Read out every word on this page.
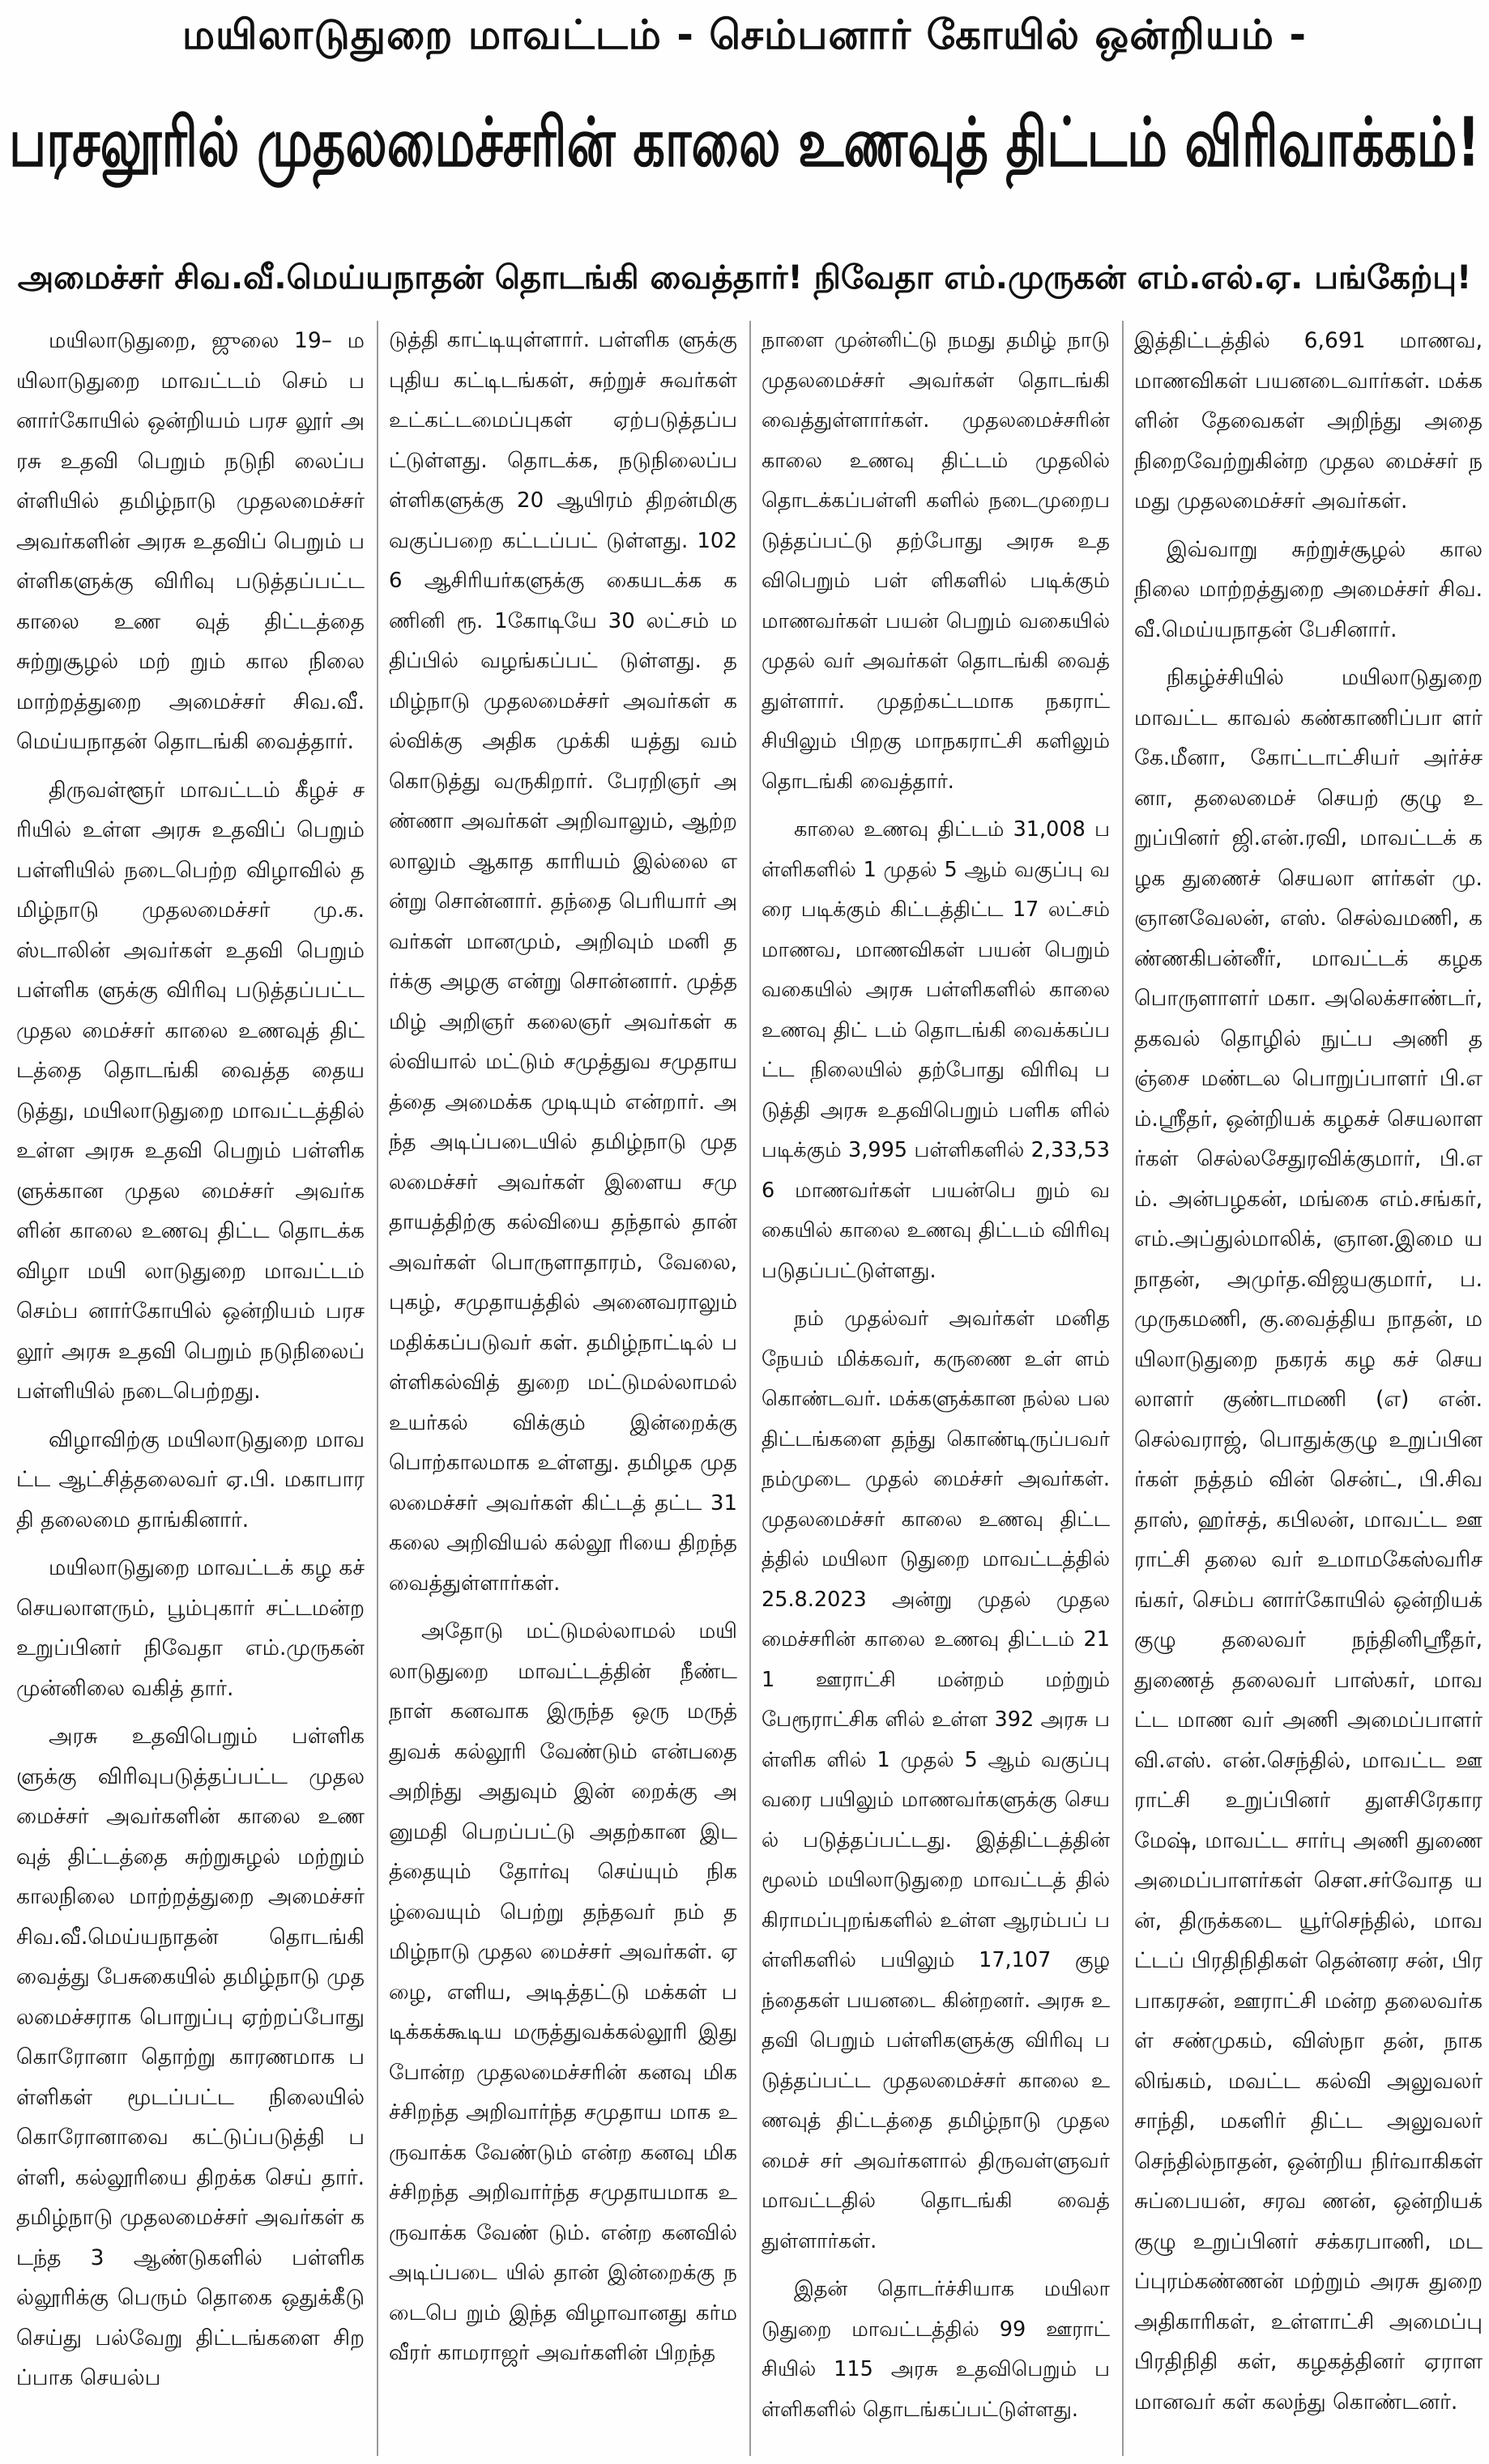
மயிலாடுதுறை மாவட்டம் - செம்பனார் கோயில் ஒன்றியம் -
பரசலூரில் முதலமைச்சரின் காலை உணவுத் திட்டம் விரிவாக்கம்!
அமைச்சர் சிவ.வீ.மெய்யநாதன் தொடங்கி வைத்தார்! நிவேதா எம்.முருகன் எம்.எல்.ஏ. பங்கேற்பு!

மயிலாடுதுறை, ஜுலை 19– மயிலாடுதுறை மாவட்டம் செம் பனார்கோயில் ஒன்றியம் பரச லூர் அரசு உதவி பெறும் நடுநி லைப்பள்ளியில் தமிழ்நாடு முதலமைச்சர் அவர்களின் அரசு உதவிப் பெறும் பள்ளிகளுக்கு விரிவு படுத்தப்பட்ட காலை உண வுத் திட்டத்தை சுற்றுசூழல் மற் றும் கால நிலை மாற்றத்துறை அமைச்சர் சிவ.வீ. மெய்யநாதன் தொடங்கி வைத்தார்.

திருவள்ளூர் மாவட்டம் கீழச் சரியில் உள்ள அரசு உதவிப் பெறும் பள்ளியில் நடைபெற்ற விழாவில் தமிழ்நாடு முதலமைச்சர் மு.க.ஸ்டாலின் அவர்கள் உதவி பெறும் பள்ளிக ளுக்கு விரிவு படுத்தப்பட்ட முதல மைச்சர் காலை உணவுத் திட் டத்தை தொடங்கி வைத்த தையடுத்து, மயிலாடுதுறை மாவட்டத்தில் உள்ள அரசு உதவி பெறும் பள்ளிகளுக்கான முதல மைச்சர் அவர்களின் காலை உணவு திட்ட தொடக்க விழா மயி லாடுதுறை மாவட்டம் செம்ப னார்கோயில் ஒன்றியம் பரசலூர் அரசு உதவி பெறும் நடுநிலைப் பள்ளியில் நடைபெற்றது.

விழாவிற்கு மயிலாடுதுறை மாவட்ட ஆட்சித்தலைவர் ஏ.பி. மகாபாரதி தலைமை தாங்கினார்.

மயிலாடுதுறை மாவட்டக் கழ கச் செயலாளரும், பூம்புகார் சட்டமன்ற உறுப்பினர் நிவேதா எம்.முருகன் முன்னிலை வகித் தார்.

அரசு உதவிபெறும் பள்ளிக ளுக்கு விரிவுபடுத்தப்பட்ட முதல மைச்சர் அவர்களின் காலை உணவுத் திட்டத்தை சுற்றுசுழல் மற்றும் காலநிலை மாற்றத்துறை அமைச்சர் சிவ.வீ.மெய்யநாதன் தொடங்கி வைத்து பேசுகையில் தமிழ்நாடு முதலமைச்சராக பொறுப்பு ஏற்றப்போது கொரோனா தொற்று காரணமாக பள்ளிகள் மூடப்பட்ட நிலையில் கொரோனாவை கட்டுப்படுத்தி பள்ளி, கல்லூரியை திறக்க செய் தார். தமிழ்நாடு முதலமைச்சர் அவர்கள் கடந்த 3 ஆண்டுகளில் பள்ளிகல்லூரிக்கு பெரும் தொகை ஒதுக்கீடு செய்து பல்வேறு திட்டங்களை சிறப்பாக செயல்ப

டுத்தி காட்டியுள்ளார். பள்ளிக ளுக்கு புதிய கட்டிடங்கள், சுற்றுச் சுவர்கள் உட்கட்டமைப்புகள் ஏற்படுத்தப்பட்டுள்ளது. தொடக்க, நடுநிலைப்பள்ளிகளுக்கு 20 ஆயிரம் திறன்மிகு வகுப்பறை கட்டப்பட் டுள்ளது. 1026 ஆசிரியர்களுக்கு கையடக்க கணினி ரூ. 1கோடியே 30 லட்சம் மதிப்பில் வழங்கப்பட் டுள்ளது. தமிழ்நாடு முதலமைச்சர் அவர்கள் கல்விக்கு அதிக முக்கி யத்து வம் கொடுத்து வருகிறார். பேரறிஞர் அண்ணா அவர்கள் அறிவாலும், ஆற்றலாலும் ஆகாத காரியம் இல்லை என்று சொன்னார். தந்தை பெரியார் அவர்கள் மானமும், அறிவும் மனி தர்க்கு அழகு என்று சொன்னார். முத்தமிழ் அறிஞர் கலைஞர் அவர்கள் கல்வியால் மட்டும் சமுத்துவ சமுதாயத்தை அமைக்க முடியும் என்றார். அந்த அடிப்படையில் தமிழ்நாடு முத லமைச்சர் அவர்கள் இளைய சமு தாயத்திற்கு கல்வியை தந்தால் தான் அவர்கள் பொருளாதாரம், வேலை, புகழ், சமுதாயத்தில் அனைவராலும் மதிக்கப்படுவர் கள். தமிழ்நாட்டில் பள்ளிகல்வித் துறை மட்டுமல்லாமல் உயர்கல் விக்கும் இன்றைக்கு பொற்காலமாக உள்ளது. தமிழக முதலமைச்சர் அவர்கள் கிட்டத் தட்ட 31 கலை அறிவியல் கல்லூ ரியை திறந்த வைத்துள்ளார்கள்.

அதோடு மட்டுமல்லாமல் மயி லாடுதுறை மாவட்டத்தின் நீண்ட நாள் கனவாக இருந்த ஒரு மருத் துவக் கல்லூரி வேண்டும் என்பதை அறிந்து அதுவும் இன் றைக்கு அனுமதி பெறப்பட்டு அதற்கான இடத்தையும் தோர்வு செய்யும் நிகழ்வையும் பெற்று தந்தவர் நம் தமிழ்நாடு முதல மைச்சர் அவர்கள். ஏழை, எளிய, அடித்தட்டு மக்கள் படிக்கக்கூடிய மருத்துவக்கல்லூரி இது போன்ற முதலமைச்சரின் கனவு மிகச்சிறந்த அறிவார்ந்த சமுதாய மாக உருவாக்க வேண்டும் என்ற கனவு மிகச்சிறந்த அறிவார்ந்த சமுதாயமாக உருவாக்க வேண் டும். என்ற கனவில் அடிப்படை யில் தான் இன்றைக்கு நடைபெ றும் இந்த விழாவானது கர்மவீரர் காமராஜர் அவர்களின் பிறந்த

நாளை முன்னிட்டு நமது தமிழ் நாடு முதலமைச்சர் அவர்கள் தொடங்கி வைத்துள்ளார்கள். முதலமைச்சரின் காலை உணவு திட்டம் முதலில் தொடக்கப்பள்ளி களில் நடைமுறைபடுத்தப்பட்டு தற்போது அரசு உதவிபெறும் பள் ளிகளில் படிக்கும் மாணவர்கள் பயன் பெறும் வகையில் முதல் வர் அவர்கள் தொடங்கி வைத் துள்ளார். முதற்கட்டமாக நகராட் சியிலும் பிறகு மாநகராட்சி களிலும் தொடங்கி வைத்தார்.

காலை உணவு திட்டம் 31,008 பள்ளிகளில் 1 முதல் 5 ஆம் வகுப்பு வரை படிக்கும் கிட்டத்திட்ட 17 லட்சம் மாணவ, மாணவிகள் பயன் பெறும் வகையில் அரசு பள்ளிகளில் காலை உணவு திட் டம் தொடங்கி வைக்கப்பட்ட நிலையில் தற்போது விரிவு படுத்தி அரசு உதவிபெறும் பளிக ளில் படிக்கும் 3,995 பள்ளிகளில் 2,33,536 மாணவர்கள் பயன்பெ றும் வகையில் காலை உணவு திட்டம் விரிவு படுதப்பட்டுள்ளது.

நம் முதல்வர் அவர்கள் மனித நேயம் மிக்கவர், கருணை உள் ளம் கொண்டவர். மக்களுக்கான நல்ல பல திட்டங்களை தந்து கொண்டிருப்பவர் நம்முடை முதல் மைச்சர் அவர்கள். முதலமைச்சர் காலை உணவு திட்டத்தில் மயிலா டுதுறை மாவட்டத்தில் 25.8.2023 அன்று முதல் முதலமைச்சரின் காலை உணவு திட்டம் 211 ஊராட்சி மன்றம் மற்றும் பேரூராட்சிக ளில் உள்ள 392 அரசு பள்ளிக ளில் 1 முதல் 5 ஆம் வகுப்பு வரை பயிலும் மாணவர்களுக்கு செயல் படுத்தப்பட்டது. இத்திட்டத்தின் மூலம் மயிலாடுதுறை மாவட்டத் தில் கிராமப்புறங்களில் உள்ள ஆரம்பப் பள்ளிகளில் பயிலும் 17,107 குழந்தைகள் பயனடை கின்றனர். அரசு உதவி பெறும் பள்ளிகளுக்கு விரிவு படுத்தப்பட்ட முதலமைச்சர் காலை உணவுத் திட்டத்தை தமிழ்நாடு முதலமைச் சர் அவர்களால் திருவள்ளுவர் மாவட்டதில் தொடங்கி வைத் துள்ளார்கள்.

இதன் தொடர்ச்சியாக மயிலா டுதுறை மாவட்டத்தில் 99 ஊராட் சியில் 115 அரசு உதவிபெறும் பள்ளிகளில் தொடங்கப்பட்டுள்ளது.

இத்திட்டத்தில் 6,691 மாணவ, மாணவிகள் பயனடைவார்கள். மக்களின் தேவைகள் அறிந்து அதை நிறைவேற்றுகின்ற முதல மைச்சர் நமது முதலமைச்சர் அவர்கள்.

இவ்வாறு சுற்றுச்சூழல் கால நிலை மாற்றத்துறை அமைச்சர் சிவ.வீ.மெய்யநாதன் பேசினார்.

நிகழ்ச்சியில் மயிலாடுதுறை மாவட்ட காவல் கண்காணிப்பா ளர் கே.மீனா, கோட்டாட்சியர் அர்ச்சனா, தலைமைச் செயற் குழு உறுப்பினர் ஜி.என்.ரவி, மாவட்டக் கழக துணைச் செயலா ளர்கள் மு.ஞானவேலன், எஸ். செல்வமணி, கண்ணகிபன்னீர், மாவட்டக் கழக பொருளாளர் மகா. அலெக்சாண்டர், தகவல் தொழில் நுட்ப அணி தஞ்சை மண்டல பொறுப்பாளர் பி.எம்.ஸ்ரீதர், ஒன்றியக் கழகச் செயலாளர்கள் செல்லசேதுரவிக்குமார், பி.எம். அன்பழகன், மங்கை எம்.சங்கர், எம்.அப்துல்மாலிக், ஞான.இமை யநாதன், அமுர்த.விஜயகுமார், ப.முருகமணி, கு.வைத்திய நாதன், மயிலாடுதுறை நகரக் கழ கச் செயலாளர் குண்டாமணி (எ) என்.செல்வராஜ், பொதுக்குழு உறுப்பினர்கள் நத்தம் வின் சென்ட், பி.சிவதாஸ், ஹர்சத், கபிலன், மாவட்ட ஊராட்சி தலை வர் உமாமகேஸ்வரிசங்கர், செம்ப னார்கோயில் ஒன்றியக் குழு தலைவர் நந்தினிஸ்ரீதர், துணைத் தலைவர் பாஸ்கர், மாவட்ட மாண வர் அணி அமைப்பாளர் வி.எஸ். என்.செந்தில், மாவட்ட ஊராட்சி உறுப்பினர் துளசிரேகாரமேஷ், மாவட்ட சார்பு அணி துணை அமைப்பாளர்கள் சௌ.சர்வோத யன், திருக்கடை யூர்செந்தில், மாவட்டப் பிரதிநிதிகள் தென்னர சன், பிரபாகரசன், ஊராட்சி மன்ற தலைவர்கள் சண்முகம், விஸ்நா தன், நாகலிங்கம், மவட்ட கல்வி அலுவலர் சாந்தி, மகளிர் திட்ட அலுவலர் செந்தில்நாதன், ஒன்றிய நிர்வாகிகள் சுப்பையன், சரவ ணன், ஒன்றியக் குழு உறுப்பினர் சக்கரபாணி, மடப்புரம்கண்ணன் மற்றும் அரசு துறை அதிகாரிகள், உள்ளாட்சி அமைப்பு பிரதிநிதி கள், கழகத்தினர் ஏராளமானவர் கள் கலந்து கொண்டனர்.
